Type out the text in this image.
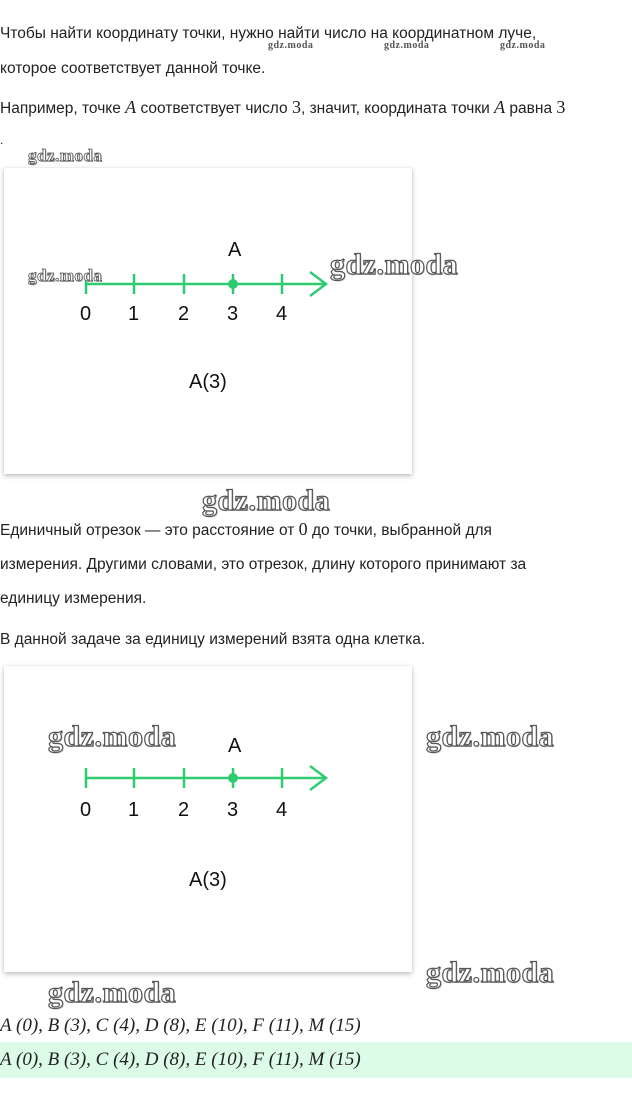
Чтобы найти координату точки, нужно найти число на координатном луче,
gdz.moda	gdz.moda	gdz.moda
которое соответствует данной точке.
Например, точке A соответствует число 3, значит, координата точки A равна 3
.
gdz.moda
A
0 1 2 3 4
A(3)
gdz.moda	gdz.moda
gdz.moda
Единичный отрезок — это расстояние от 0 до точки, выбранной для
измерения. Другими словами, это отрезок, длину которого принимают за
единицу измерения.
В данной задаче за единицу измерений взята одна клетка.
A
0 1 2 3 4
A(3)
gdz.moda	gdz.moda
gdz.moda
gdz.moda
A (0), B (3), C (4), D (8), E (10), F (11), M (15)
A (0), B (3), C (4), D (8), E (10), F (11), M (15)
